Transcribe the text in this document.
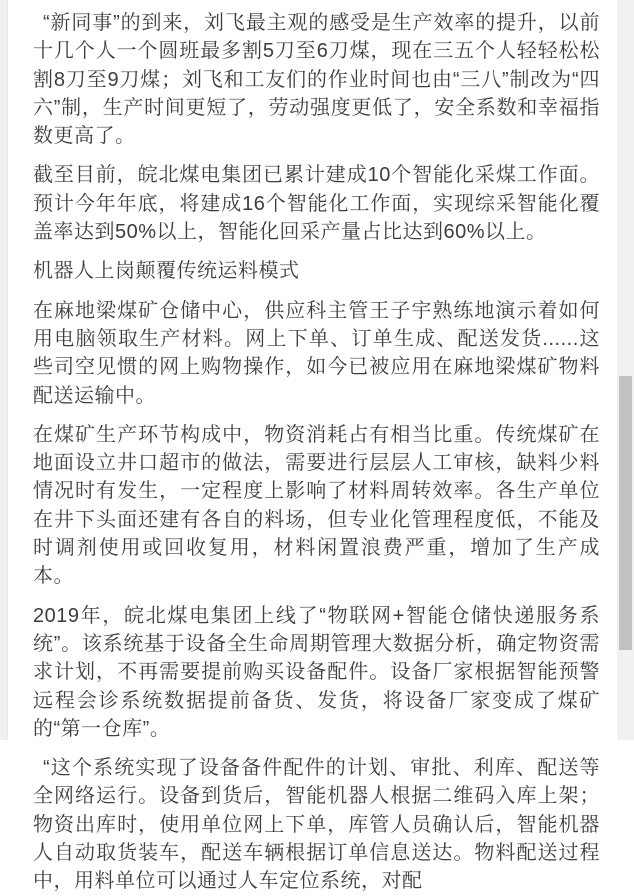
“新同事”的到来，刘飞最主观的感受是生产效率的提升，以前十几个人一个圆班最多割5刀至6刀煤，现在三五个人轻轻松松割8刀至9刀煤；刘飞和工友们的作业时间也由“三八”制改为“四六”制，生产时间更短了，劳动强度更低了，安全系数和幸福指数更高了。
截至目前，皖北煤电集团已累计建成10个智能化采煤工作面。预计今年年底，将建成16个智能化工作面，实现综采智能化覆盖率达到50%以上，智能化回采产量占比达到60%以上。
机器人上岗颠覆传统运料模式
在麻地梁煤矿仓储中心，供应科主管王子宇熟练地演示着如何用电脑领取生产材料。网上下单、订单生成、配送发货......这些司空见惯的网上购物操作，如今已被应用在麻地梁煤矿物料配送运输中。
在煤矿生产环节构成中，物资消耗占有相当比重。传统煤矿在地面设立井口超市的做法，需要进行层层人工审核，缺料少料情况时有发生，一定程度上影响了材料周转效率。各生产单位在井下头面还建有各自的料场，但专业化管理程度低，不能及时调剂使用或回收复用，材料闲置浪费严重，增加了生产成本。
2019年，皖北煤电集团上线了“物联网+智能仓储快递服务系统”。该系统基于设备全生命周期管理大数据分析，确定物资需求计划，不再需要提前购买设备配件。设备厂家根据智能预警远程会诊系统数据提前备货、发货，将设备厂家变成了煤矿的“第一仓库”。
“这个系统实现了设备备件配件的计划、审批、利库、配送等全网络运行。设备到货后，智能机器人根据二维码入库上架；物资出库时，使用单位网上下单，库管人员确认后，智能机器人自动取货装车，配送车辆根据订单信息送达。物料配送过程中，用料单位可以通过人车定位系统，对配
